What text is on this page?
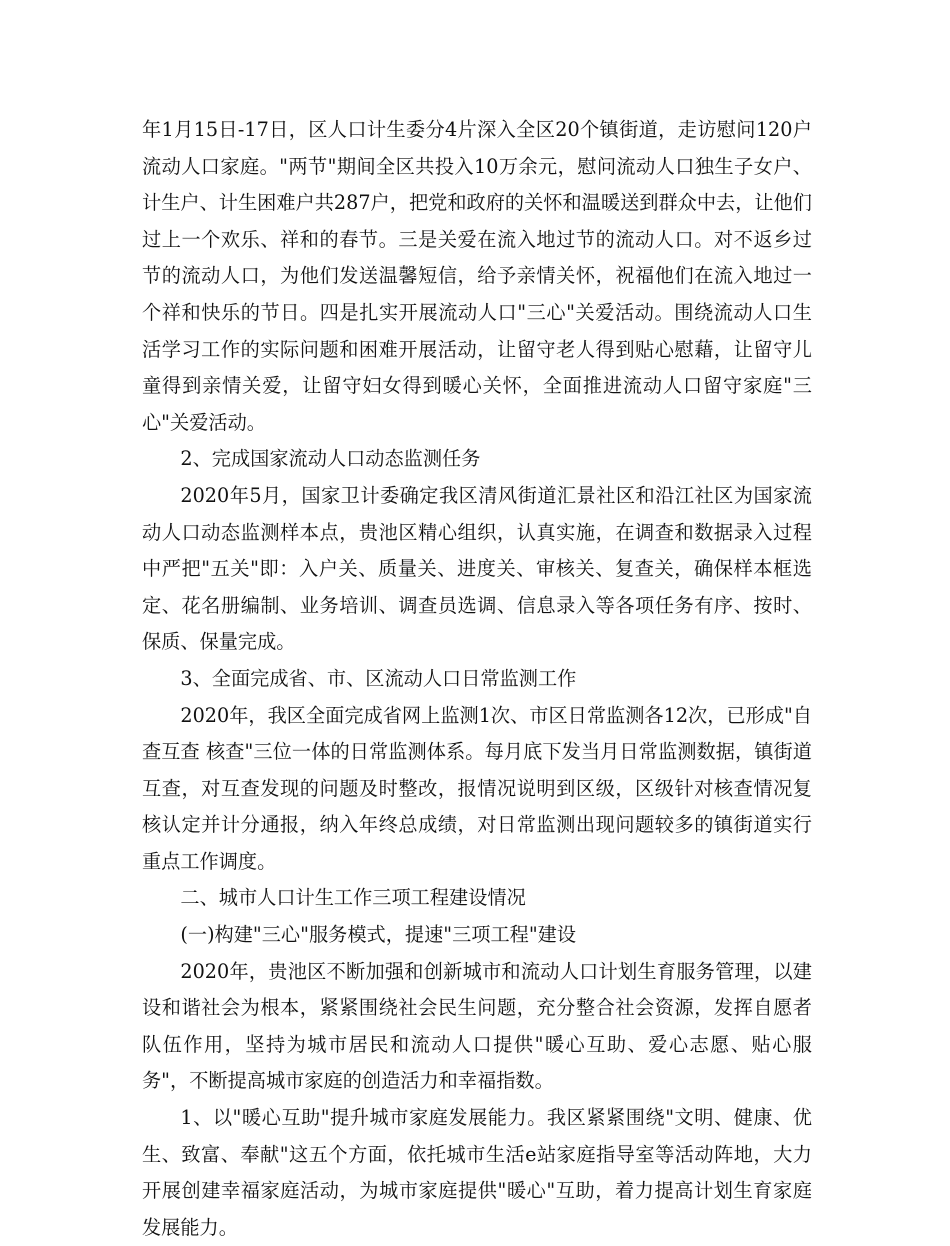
年1月15日-17日，区人口计生委分4片深入全区20个镇街道，走访慰问120户流动人口家庭。"两节"期间全区共投入10万余元，慰问流动人口独生子女户、计生户、计生困难户共287户，把党和政府的关怀和温暖送到群众中去，让他们过上一个欢乐、祥和的春节。三是关爱在流入地过节的流动人口。对不返乡过节的流动人口，为他们发送温馨短信，给予亲情关怀，祝福他们在流入地过一个祥和快乐的节日。四是扎实开展流动人口"三心"关爱活动。围绕流动人口生活学习工作的实际问题和困难开展活动，让留守老人得到贴心慰藉，让留守儿童得到亲情关爱，让留守妇女得到暖心关怀，全面推进流动人口留守家庭"三心"关爱活动。

2、完成国家流动人口动态监测任务

2020年5月，国家卫计委确定我区清风街道汇景社区和沿江社区为国家流动人口动态监测样本点，贵池区精心组织，认真实施，在调查和数据录入过程中严把"五关"即：入户关、质量关、进度关、审核关、复查关，确保样本框选定、花名册编制、业务培训、调查员选调、信息录入等各项任务有序、按时、保质、保量完成。

3、全面完成省、市、区流动人口日常监测工作

2020年，我区全面完成省网上监测1次、市区日常监测各12次，已形成"自查互查 核查"三位一体的日常监测体系。每月底下发当月日常监测数据，镇街道互查，对互查发现的问题及时整改，报情况说明到区级，区级针对核查情况复核认定并计分通报，纳入年终总成绩，对日常监测出现问题较多的镇街道实行重点工作调度。

二、城市人口计生工作三项工程建设情况

(一)构建"三心"服务模式，提速"三项工程"建设

2020年，贵池区不断加强和创新城市和流动人口计划生育服务管理，以建设和谐社会为根本，紧紧围绕社会民生问题，充分整合社会资源，发挥自愿者队伍作用，坚持为城市居民和流动人口提供"暖心互助、爱心志愿、贴心服务"，不断提高城市家庭的创造活力和幸福指数。

1、以"暖心互助"提升城市家庭发展能力。我区紧紧围绕"文明、健康、优生、致富、奉献"这五个方面，依托城市生活e站家庭指导室等活动阵地，大力开展创建幸福家庭活动，为城市家庭提供"暖心"互助，着力提高计划生育家庭发展能力。
